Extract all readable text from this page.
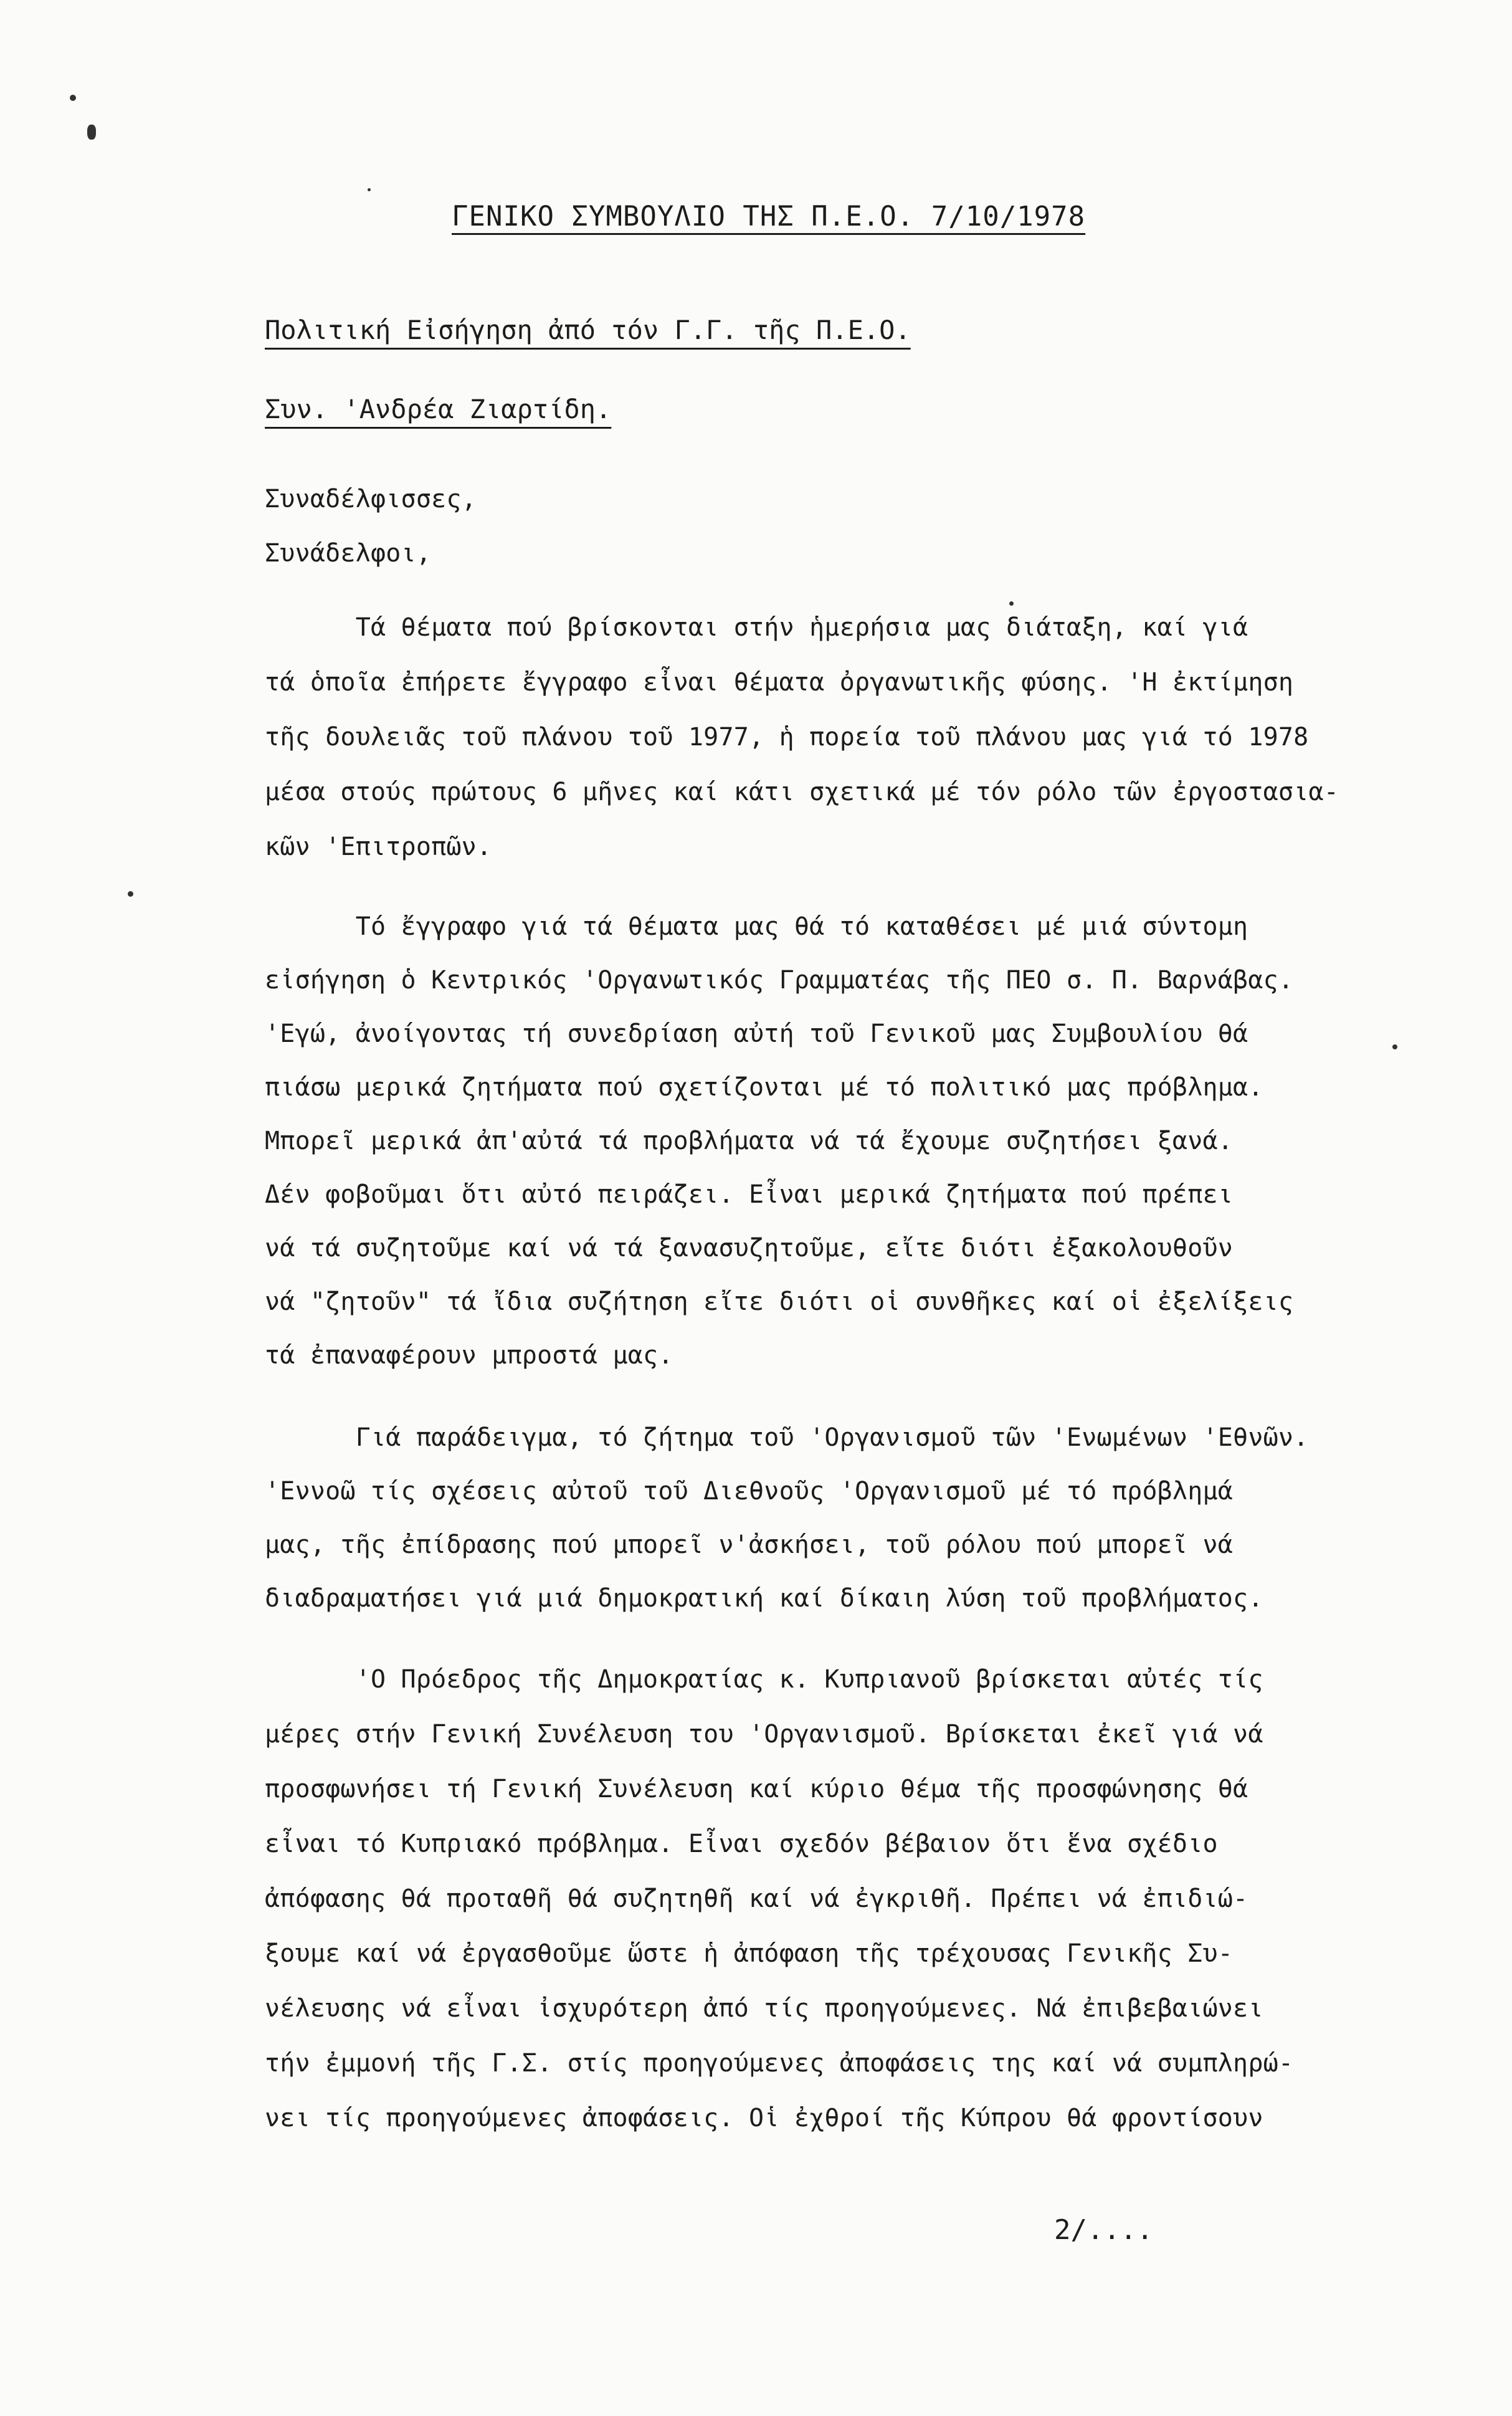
ΓΕΝΙΚΟ ΣΥΜΒΟΥΛΙΟ ΤΗΣ Π.Ε.Ο. 7/10/1978
Πολιτική Εἰσήγηση ἀπό τόν Γ.Γ. τῆς Π.Ε.Ο.
Συν. 'Ανδρέα Ζιαρτίδη.
Συναδέλφισσες,
Συνάδελφοι,
Τά θέματα πού βρίσκονται στήν ἡμερήσια μας διάταξη, καί γιά
τά ὁποῖα ἐπήρετε ἔγγραφο εἶναι θέματα ὀργανωτικῆς φύσης. 'Η ἐκτίμηση
τῆς δουλειᾶς τοῦ πλάνου τοῦ 1977, ἡ πορεία τοῦ πλάνου μας γιά τό 1978
μέσα στούς πρώτους 6 μῆνες καί κάτι σχετικά μέ τόν ρόλο τῶν ἐργοστασια-
κῶν 'Επιτροπῶν.
Τό ἔγγραφο γιά τά θέματα μας θά τό καταθέσει μέ μιά σύντομη
εἰσήγηση ὁ Κεντρικός 'Οργανωτικός Γραμματέας τῆς ΠΕΟ σ. Π. Βαρνάβας.
'Εγώ, ἀνοίγοντας τή συνεδρίαση αὐτή τοῦ Γενικοῦ μας Συμβουλίου θά
πιάσω μερικά ζητήματα πού σχετίζονται μέ τό πολιτικό μας πρόβλημα.
Μπορεῖ μερικά ἀπ'αὐτά τά προβλήματα νά τά ἔχουμε συζητήσει ξανά.
Δέν φοβοῦμαι ὅτι αὐτό πειράζει. Εἶναι μερικά ζητήματα πού πρέπει
νά τά συζητοῦμε καί νά τά ξανασυζητοῦμε, εἴτε διότι ἐξακολουθοῦν
νά "ζητοῦν" τά ἴδια συζήτηση εἴτε διότι οἱ συνθῆκες καί οἱ ἐξελίξεις
τά ἐπαναφέρουν μπροστά μας.
Γιά παράδειγμα, τό ζήτημα τοῦ 'Οργανισμοῦ τῶν 'Ενωμένων 'Εθνῶν.
'Εννοῶ τίς σχέσεις αὐτοῦ τοῦ Διεθνοῦς 'Οργανισμοῦ μέ τό πρόβλημά
μας, τῆς ἐπίδρασης πού μπορεῖ ν'ἀσκήσει, τοῦ ρόλου πού μπορεῖ νά
διαδραματήσει γιά μιά δημοκρατική καί δίκαιη λύση τοῦ προβλήματος.
'Ο Πρόεδρος τῆς Δημοκρατίας κ. Κυπριανοῦ βρίσκεται αὐτές τίς
μέρες στήν Γενική Συνέλευση του 'Οργανισμοῦ. Βρίσκεται ἐκεῖ γιά νά
προσφωνήσει τή Γενική Συνέλευση καί κύριο θέμα τῆς προσφώνησης θά
εἶναι τό Κυπριακό πρόβλημα. Εἶναι σχεδόν βέβαιον ὅτι ἕνα σχέδιο
ἀπόφασης θά προταθῆ θά συζητηθῆ καί νά ἐγκριθῆ. Πρέπει νά ἐπιδιώ-
ξουμε καί νά ἐργασθοῦμε ὥστε ἡ ἀπόφαση τῆς τρέχουσας Γενικῆς Συ-
νέλευσης νά εἶναι ἰσχυρότερη ἀπό τίς προηγούμενες. Νά ἐπιβεβαιώνει
τήν ἐμμονή τῆς Γ.Σ. στίς προηγούμενες ἀποφάσεις της καί νά συμπληρώ-
νει τίς προηγούμενες ἀποφάσεις. Οἱ ἐχθροί τῆς Κύπρου θά φροντίσουν
2/....
